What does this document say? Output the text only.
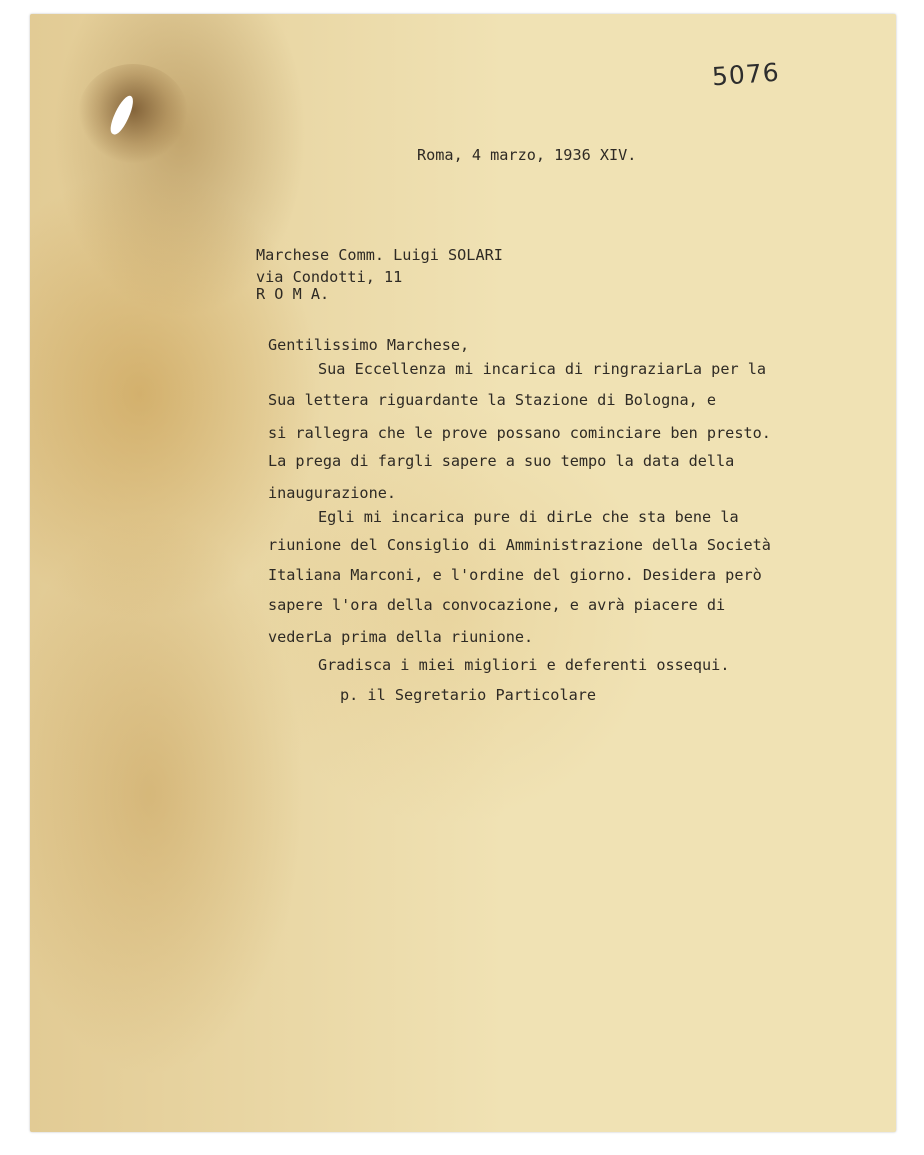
5076
Roma, 4 marzo, 1936 XIV.
Marchese Comm. Luigi SOLARI
via Condotti, 11
R O M A.
Gentilissimo Marchese,
Sua Eccellenza mi incarica di ringraziarLa per la
Sua lettera riguardante la Stazione di Bologna, e
si rallegra che le prove possano cominciare ben presto.
La prega di fargli sapere a suo tempo la data della
inaugurazione.
Egli mi incarica pure di dirLe che sta bene la
riunione del Consiglio di Amministrazione della Società
Italiana Marconi, e l'ordine del giorno. Desidera però
sapere l'ora della convocazione, e avrà piacere di
vederLa prima della riunione.
Gradisca i miei migliori e deferenti ossequi.
p. il Segretario Particolare
